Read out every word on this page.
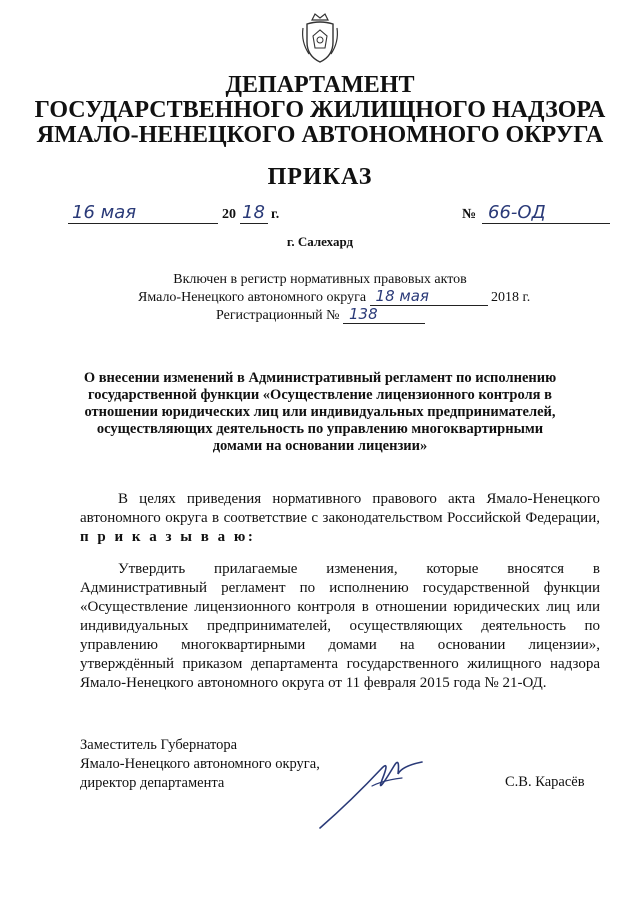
ДЕПАРТАМЕНТ
ГОСУДАРСТВЕННОГО ЖИЛИЩНОГО НАДЗОРА
ЯМАЛО-НЕНЕЦКОГО АВТОНОМНОГО ОКРУГА
ПРИКАЗ
16 мая	20 18 г.	№ 66-ОД
г. Салехард
Включен в регистр нормативных правовых актов
Ямало-Ненецкого автономного округа 18 мая	2018 г.
Регистрационный № 138
О внесении изменений в Административный регламент по исполнению
государственной функции «Осуществление лицензионного контроля в
отношении юридических лиц или индивидуальных предпринимателей,
осуществляющих деятельность по управлению многоквартирными
домами на основании лицензии»
В целях приведения нормативного правового акта Ямало-Ненецкого автономного округа в соответствие с законодательством Российской Федерации, п р и к а з ы в а ю:
Утвердить прилагаемые изменения, которые вносятся в Административный регламент по исполнению государственной функции «Осуществление лицензионного контроля в отношении юридических лиц или индивидуальных предпринимателей, осуществляющих деятельность по управлению многоквартирными домами на основании лицензии», утверждённый приказом департамента государственного жилищного надзора Ямало-Ненецкого автономного округа от 11 февраля 2015 года № 21-ОД.
Заместитель Губернатора
Ямало-Ненецкого автономного округа,
директор департамента	С.В. Карасёв
